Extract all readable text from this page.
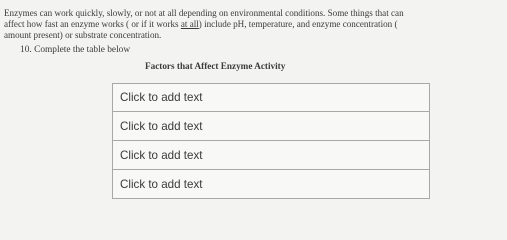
Enzymes can work quickly, slowly, or not at all depending on environmental conditions. Some things that can
affect how fast an enzyme works ( or if it works at all) include pH, temperature, and enzyme concentration (
amount present) or substrate concentration.
10. Complete the table below
Factors that Affect Enzyme Activity
Click to add text
Click to add text
Click to add text
Click to add text
